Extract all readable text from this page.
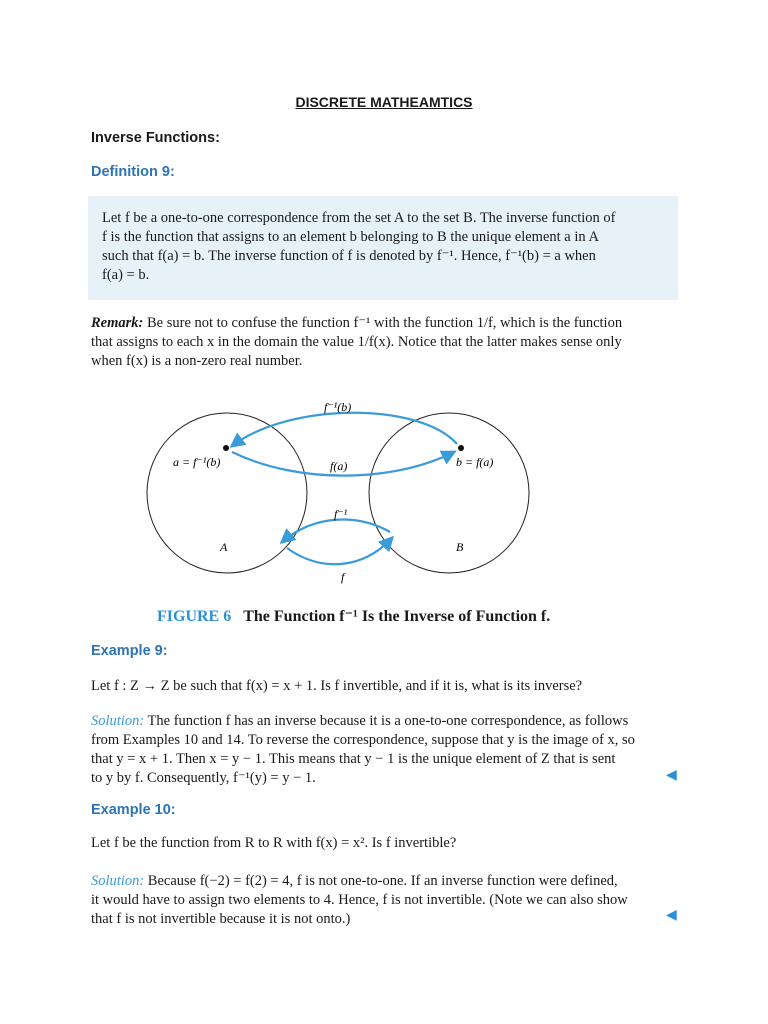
DISCRETE MATHEAMTICS
Inverse Functions:
Definition 9:
Let f be a one-to-one correspondence from the set A to the set B. The inverse function of
f is the function that assigns to an element b belonging to B the unique element a in A
such that f(a) = b. The inverse function of f is denoted by f⁻¹. Hence, f⁻¹(b) = a when
f(a) = b.
Remark: Be sure not to confuse the function f⁻¹ with the function 1/f, which is the function
that assigns to each x in the domain the value 1/f(x). Notice that the latter makes sense only
when f(x) is a non-zero real number.
f⁻¹(b)
a = f⁻¹(b)	f(a)	b = f(a)
f⁻¹
A	B
f
FIGURE 6 The Function f⁻¹ Is the Inverse of Function f.
Example 9:
Let f : Z → Z be such that f(x) = x + 1. Is f invertible, and if it is, what is its inverse?
Solution: The function f has an inverse because it is a one-to-one correspondence, as follows
from Examples 10 and 14. To reverse the correspondence, suppose that y is the image of x, so
that y = x + 1. Then x = y − 1. This means that y − 1 is the unique element of Z that is sent
to y by f. Consequently, f⁻¹(y) = y − 1.	◀
Example 10:
Let f be the function from R to R with f(x) = x². Is f invertible?
Solution: Because f(−2) = f(2) = 4, f is not one-to-one. If an inverse function were defined,
it would have to assign two elements to 4. Hence, f is not invertible. (Note we can also show
that f is not invertible because it is not onto.)	◀
